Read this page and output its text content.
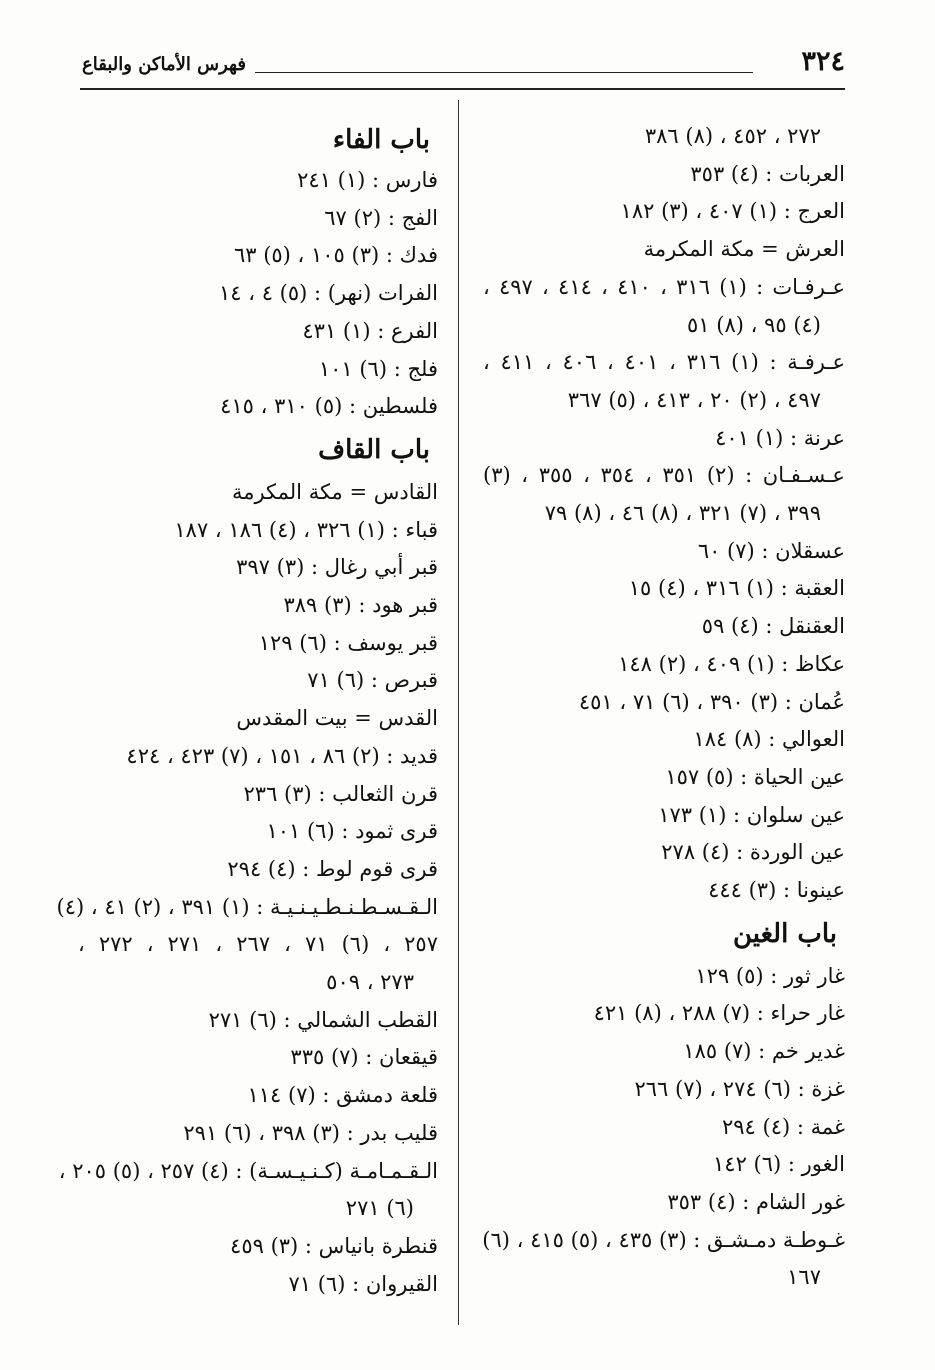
٣٢٤
فهرس الأماكن والبقاع
٢٧٢ ، ٤٥٢ ، (٨) ٣٨٦
العربات : (٤) ٣٥٣
العرج : (١) ٤٠٧ ، (٣) ١٨٢
العرش = مكة المكرمة
عـرفـات : (١) ٣١٦ ، ٤١٠ ، ٤١٤ ، ٤٩٧ ،
(٤) ٩٥ ، (٨) ٥١
عـرفـة : (١) ٣١٦ ، ٤٠١ ، ٤٠٦ ، ٤١١ ،
٤٩٧ ، (٢) ٢٠ ، ٤١٣ ، (٥) ٣٦٧
عرنة : (١) ٤٠١
عـسـفـان : (٢) ٣٥١ ، ٣٥٤ ، ٣٥٥ ، (٣)
٣٩٩ ، (٧) ٣٢١ ، (٨) ٤٦ ، (٨) ٧٩
عسقلان : (٧) ٦٠
العقبة : (١) ٣١٦ ، (٤) ١٥
العقنقل : (٤) ٥٩
عكاظ : (١) ٤٠٩ ، (٢) ١٤٨
عُمان : (٣) ٣٩٠ ، (٦) ٧١ ، ٤٥١
العوالي : (٨) ١٨٤
عين الحياة : (٥) ١٥٧
عين سلوان : (١) ١٧٣
عين الوردة : (٤) ٢٧٨
عينونا : (٣) ٤٤٤
باب الغين
غار ثور : (٥) ١٢٩
غار حراء : (٧) ٢٨٨ ، (٨) ٤٢١
غدير خم : (٧) ١٨٥
غزة : (٦) ٢٧٤ ، (٧) ٢٦٦
غمة : (٤) ٢٩٤
الغور : (٦) ١٤٢
غور الشام : (٤) ٣٥٣
غـوطـة دمـشـق : (٣) ٤٣٥ ، (٥) ٤١٥ ، (٦)
١٦٧
باب الفاء
فارس : (١) ٢٤١
الفج : (٢) ٦٧
فدك : (٣) ١٠٥ ، (٥) ٦٣
الفرات (نهر) : (٥) ٤ ، ١٤
الفرع : (١) ٤٣١
فلج : (٦) ١٠١
فلسطين : (٥) ٣١٠ ، ٤١٥
باب القاف
القادس = مكة المكرمة
قباء : (١) ٣٢٦ ، (٤) ١٨٦ ، ١٨٧
قبر أبي رغال : (٣) ٣٩٧
قبر هود : (٣) ٣٨٩
قبر يوسف : (٦) ١٢٩
قبرص : (٦) ٧١
القدس = بيت المقدس
قديد : (٢) ٨٦ ، ١٥١ ، (٧) ٤٢٣ ، ٤٢٤
قرن الثعالب : (٣) ٢٣٦
قرى ثمود : (٦) ١٠١
قرى قوم لوط : (٤) ٢٩٤
الـقـسـطـنـطـيـنـيـة : (١) ٣٩١ ، (٢) ٤١ ، (٤)
٢٥٧ ، (٦) ٧١ ، ٢٦٧ ، ٢٧١ ، ٢٧٢ ،
٢٧٣ ، ٥٠٩
القطب الشمالي : (٦) ٢٧١
قيقعان : (٧) ٣٣٥
قلعة دمشق : (٧) ١١٤
قليب بدر : (٣) ٣٩٨ ، (٦) ٢٩١
الـقـمـامـة (كـنـيـسـة) : (٤) ٢٥٧ ، (٥) ٢٠٥ ،
(٦) ٢٧١
قنطرة بانياس : (٣) ٤٥٩
القيروان : (٦) ٧١
